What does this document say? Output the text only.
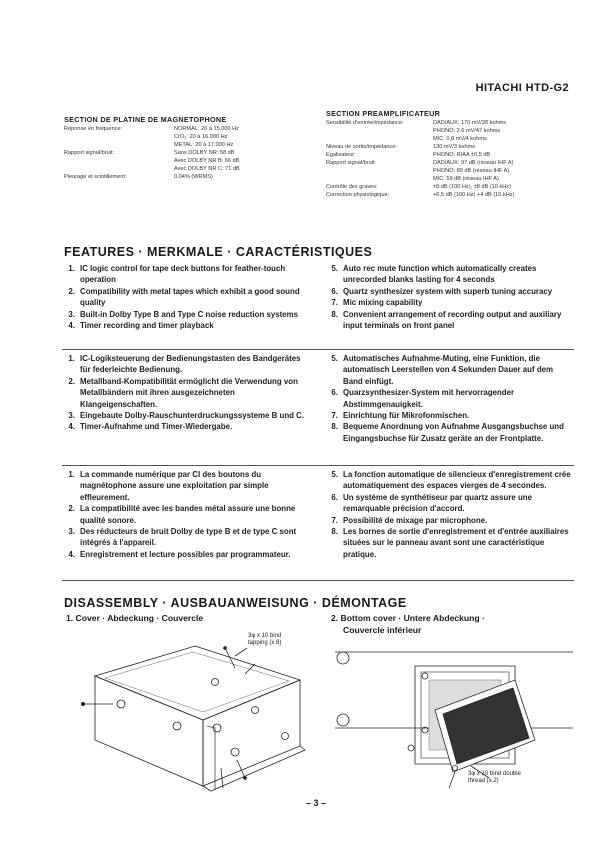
HITACHI HTD-G2
SECTION DE PLATINE DE MAGNETOPHONE
Réponse en fréquence:	NORMAL: 20 à 15.000 Hz
CrO₂: 20 à 16.000 Hz
METAL: 20 à 17.000 Hz
Rapport signal/bruit:	Sans DOLBY NR: 58 dB
Avec DOLBY NR B: 66 dB
Avec DOLBY NR C: 71 dB
Pleurage et scintillement:	0,04% (WRMS)
SECTION PREAMPLIFICATEUR
Sensibilité d'entrée/impédance:	DAD/AUX: 170 mV/28 kohms
PHONO: 2,6 mV/47 kohms
MIC: 0,8 mV/4 kohms
Niveau de sortie/impédance:	130 mV/3 kohms
Egalisateur:	PHONO: RIAA ±0,5 dB
Rapport signal/bruit:	DAD/AUX: 97 dB (réseau IHF A)
PHONO: 80 dB (réseau IHF A)
MIC: 59 dB (réseau IHF A)
Contrôle des graves:	±8 dB (100 Hz), ±8 dB (10 kHz)
Correction physiologique:	+6,5 dB (100 Hz) +4 dB (10 kHz)
FEATURES · MERKMALE · CARACTÉRISTIQUES
1. IC logic control for tape deck buttons for feather-touch operation
2. Compatibility with metal tapes which exhibit a good sound quality
3. Built-in Dolby Type B and Type C noise reduction systems
4. Timer recording and timer playback
5. Auto rec mute function which automatically creates unrecorded blanks lasting for 4 seconds
6. Quartz synthesizer system with superb tuning accuracy
7. Mic mixing capability
8. Convenient arrangement of recording output and auxiliary input terminals on front panel
1. IC-Logiksteuerung der Bedienungstasten des Bandgerätes für federleichte Bedienung.
2. Metallband-Kompatibilität ermöglicht die Verwendung von Metallbändern mit ihren ausgezeichneten Klangeigenschaften.
3. Eingebaute Dolby-Rauschunterdruckungssysteme B und C.
4. Timer-Aufnahme und Timer-Wiedergabe.
5. Automatisches Aufnahme-Muting, eine Funktion, die automatisch Leerstellen von 4 Sekunden Dauer auf dem Band einfügt.
6. Quarzsynthesizer-System mit hervorragender Abstimmgenauigkeit.
7. Einrichtung für Mikrofonmischen.
8. Bequeme Anordnung von Aufnahme Ausgangsbuchse und Eingangsbuchse für Zusatz geräte an der Frontplatte.
1. La commande numérique par CI des boutons du magnétophone assure une exploitation par simple effleurement.
2. La compatibilité avec les bandes métal assure une bonne qualité sonore.
3. Des réducteurs de bruit Dolby de type B et de type C sont intégrés à l'appareil.
4. Enregistrement et lecture possibles par programmateur.
5. La fonction automatique de silencieux d'enregistrement crée automatiquement des espaces vierges de 4 secondes.
6. Un système de synthétiseur par quartz assure une remarquable précision d'accord.
7. Possibilité de mixage par microphone.
8. Les bornes de sortie d'enregistrement et d'entrée auxiliaires situées sur le panneau avant sont une caractéristique pratique.
DISASSEMBLY · AUSBAUANWEISUNG · DÉMONTAGE
1. Cover · Abdeckung · Couvercle	2. Bottom cover · Untere Abdeckung ·
Couvercle inférieur
3φ x 10 bind
tapping (x 8)
3φ x 10 bind double
thread (x 2)
– 3 –
